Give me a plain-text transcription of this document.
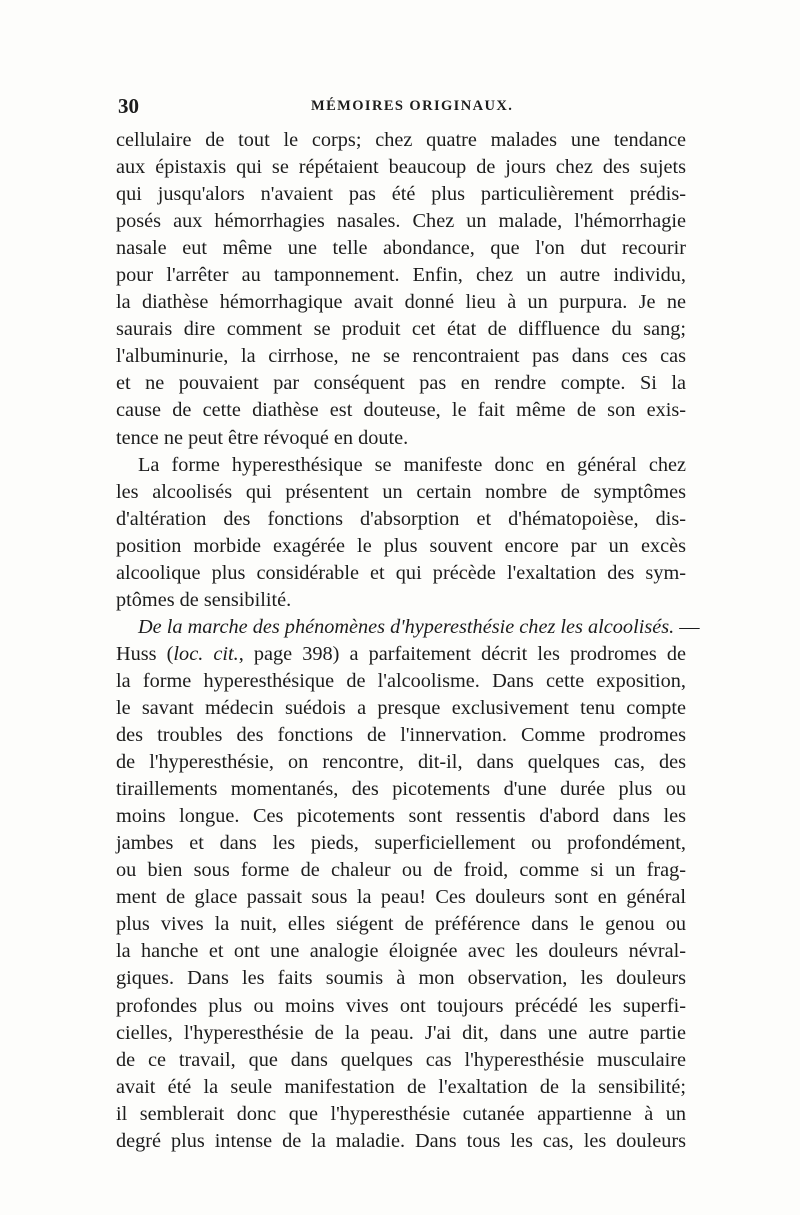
30	MÉMOIRES ORIGINAUX.
cellulaire de tout le corps; chez quatre malades une tendance
aux épistaxis qui se répétaient beaucoup de jours chez des sujets
qui jusqu'alors n'avaient pas été plus particulièrement prédis-
posés aux hémorrhagies nasales. Chez un malade, l'hémorrhagie
nasale eut même une telle abondance, que l'on dut recourir
pour l'arrêter au tamponnement. Enfin, chez un autre individu,
la diathèse hémorrhagique avait donné lieu à un purpura. Je ne
saurais dire comment se produit cet état de diffluence du sang;
l'albuminurie, la cirrhose, ne se rencontraient pas dans ces cas
et ne pouvaient par conséquent pas en rendre compte. Si la
cause de cette diathèse est douteuse, le fait même de son exis-
tence ne peut être révoqué en doute.
La forme hyperesthésique se manifeste donc en général chez
les alcoolisés qui présentent un certain nombre de symptômes
d'altération des fonctions d'absorption et d'hématopoièse, dis-
position morbide exagérée le plus souvent encore par un excès
alcoolique plus considérable et qui précède l'exaltation des sym-
ptômes de sensibilité.
De la marche des phénomènes d'hyperesthésie chez les alcoolisés. —
Huss (loc. cit., page 398) a parfaitement décrit les prodromes de
la forme hyperesthésique de l'alcoolisme. Dans cette exposition,
le savant médecin suédois a presque exclusivement tenu compte
des troubles des fonctions de l'innervation. Comme prodromes
de l'hyperesthésie, on rencontre, dit-il, dans quelques cas, des
tiraillements momentanés, des picotements d'une durée plus ou
moins longue. Ces picotements sont ressentis d'abord dans les
jambes et dans les pieds, superficiellement ou profondément,
ou bien sous forme de chaleur ou de froid, comme si un frag-
ment de glace passait sous la peau! Ces douleurs sont en général
plus vives la nuit, elles siégent de préférence dans le genou ou
la hanche et ont une analogie éloignée avec les douleurs névral-
giques. Dans les faits soumis à mon observation, les douleurs
profondes plus ou moins vives ont toujours précédé les superfi-
cielles, l'hyperesthésie de la peau. J'ai dit, dans une autre partie
de ce travail, que dans quelques cas l'hyperesthésie musculaire
avait été la seule manifestation de l'exaltation de la sensibilité;
il semblerait donc que l'hyperesthésie cutanée appartienne à un
degré plus intense de la maladie. Dans tous les cas, les douleurs
